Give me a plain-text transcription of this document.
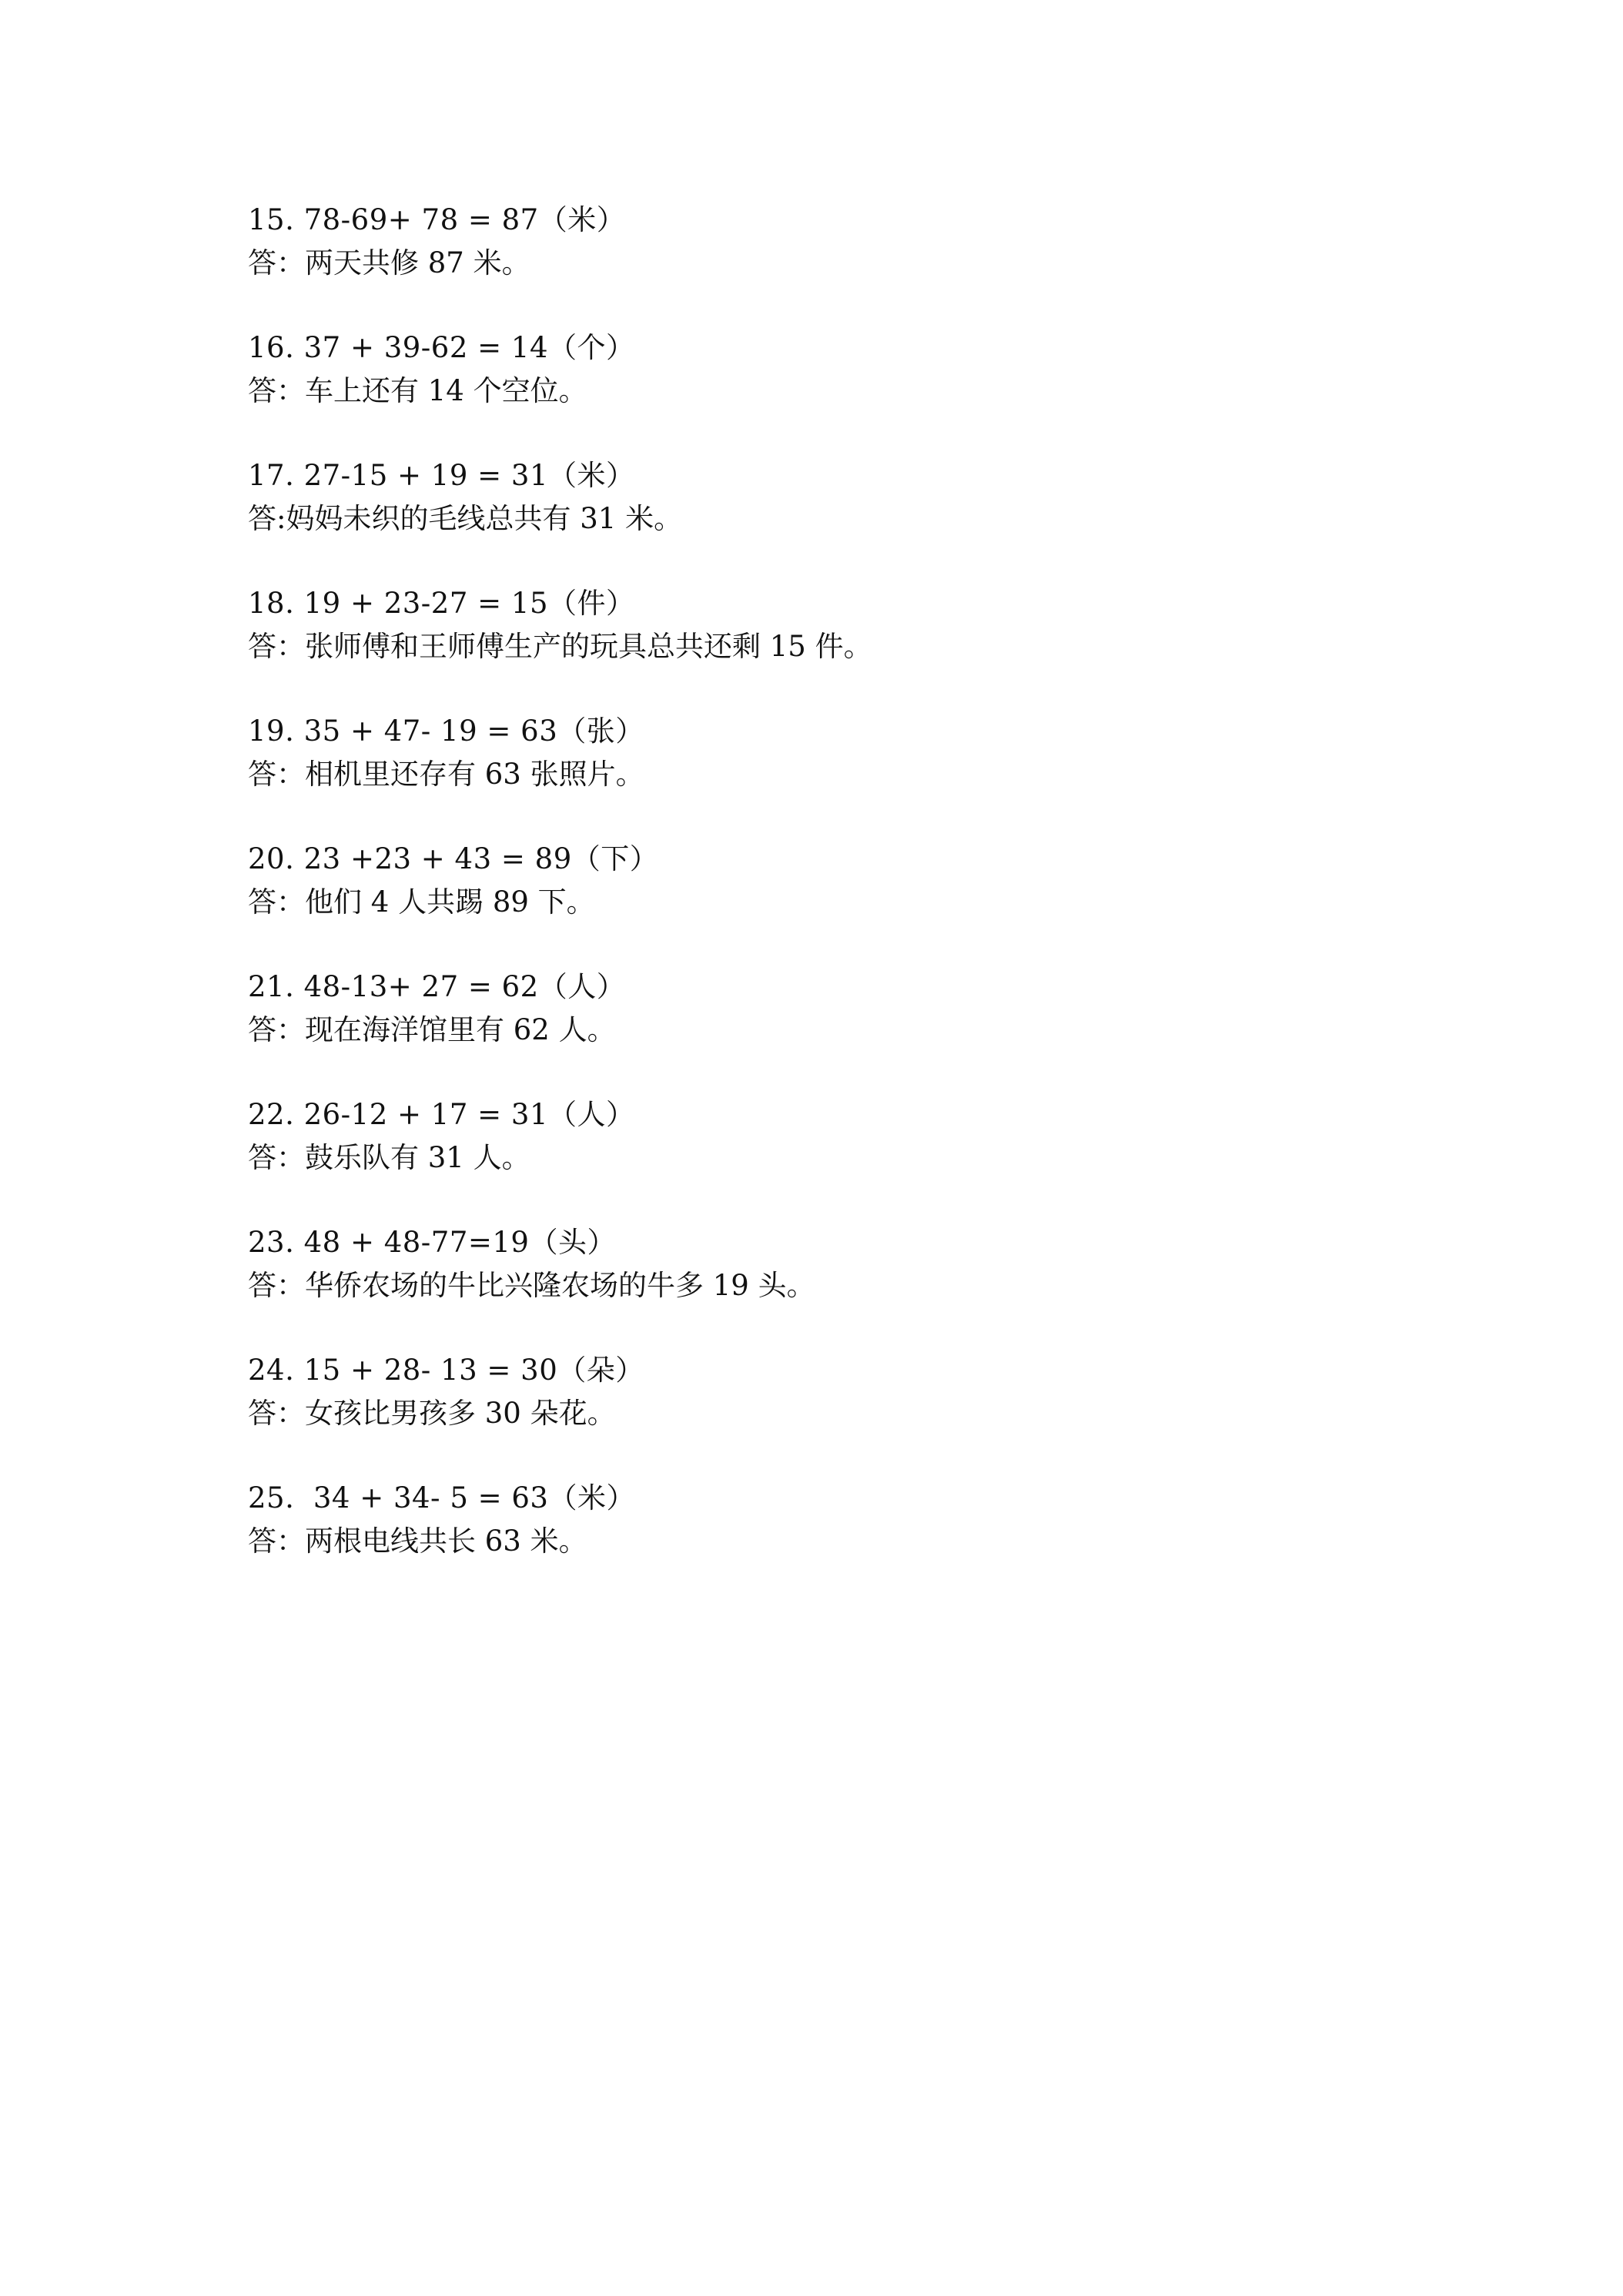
15. 78-69+ 78 = 87（米）

答：两天共修 87 米。

16. 37 + 39-62 = 14（个）

答：车上还有 14 个空位。

17. 27-15 + 19 = 31（米）

答:妈妈未织的毛线总共有 31 米。

18. 19 + 23-27 = 15（件）

答：张师傅和王师傅生产的玩具总共还剩 15 件。

19. 35 + 47- 19 = 63（张）

答：相机里还存有 63 张照片。

20. 23 +23 + 43 = 89（下）

答：他们 4 人共踢 89 下。

21. 48-13+ 27 = 62（人）

答：现在海洋馆里有 62 人。

22. 26-12 + 17 = 31（人）

答：鼓乐队有 31 人。

23. 48 + 48-77=19（头）

答：华侨农场的牛比兴隆农场的牛多 19 头。

24. 15 + 28- 13 = 30（朵）

答：女孩比男孩多 30 朵花。

25.  34 + 34- 5 = 63（米）

答：两根电线共长 63 米。
